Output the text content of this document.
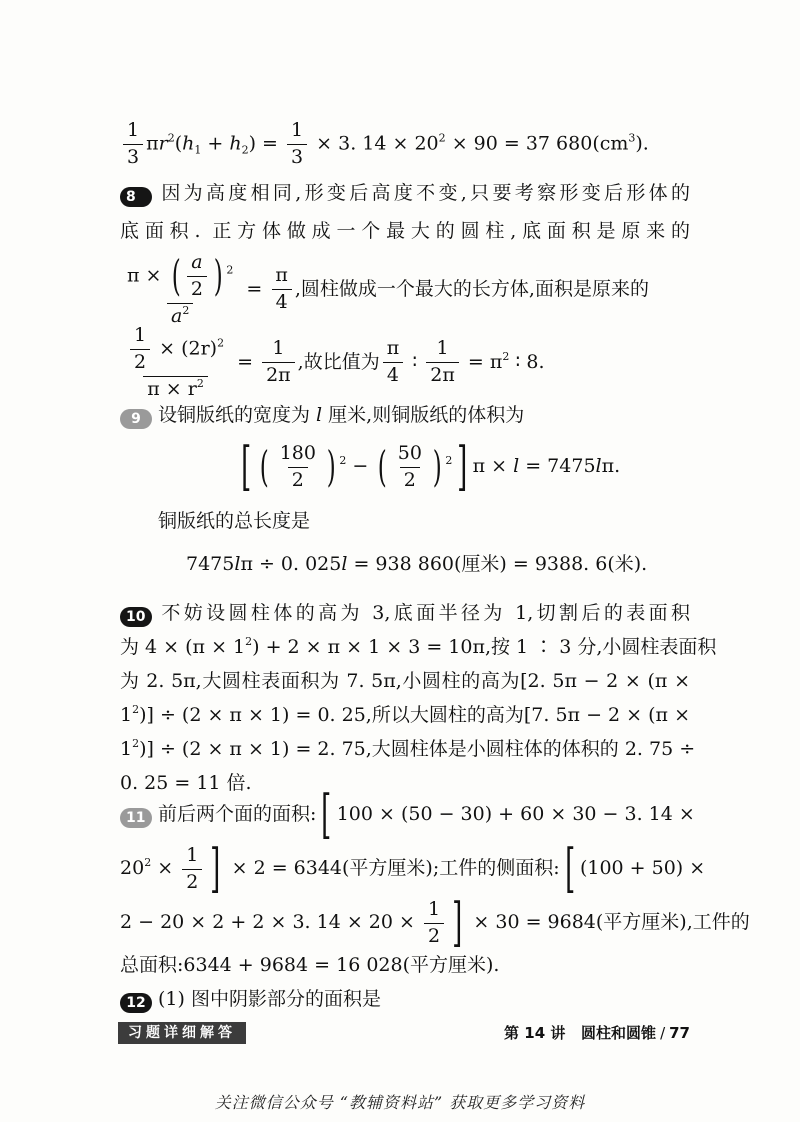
$\frac{1}{3} \pi r^2(h_1 + h_2) = \frac{1}{3} \times 3$. $14 \times 20^2 \times 90 = 37$ $680(cm^3)$.
8 因为高度相同,形变后高度不变,只要考察形变后形体的
底面积. 正方体做成一个最大的圆柱,底面积是原来的
$\frac{\pi \times ( \frac{a}{2} ) ^2}{a^2} = \frac{\pi}{4}$ ,圆柱做成一个最大的长方体,面积是原来的
$\frac{\frac{1}{2} \times (2r)^2}{\pi \times r^2} = \frac{1}{2\pi}$ ,故比值为 $\frac{\pi}{4}$ ∶ $\frac{1}{2\pi} = \pi^2$ ∶ 8.
9 设铜版纸的宽度为 l 厘米,则铜版纸的体积为
[ ( $\frac{180}{2}$ ) $^2$ − ( $\frac{50}{2}$ ) $^2$] π × l = 7475lπ.
铜版纸的总长度是
7475lπ ÷ 0. 025l = 938 860(厘米) = 9388. 6(米).
10 不妨设圆柱体的高为 3,底面半径为 1,切割后的表面积
为 $4 \times (\pi \times 1^2) + 2 \times \pi \times 1 \times 3 = 10\pi$,按 1 ∶ 3 分,小圆柱表面积
为 2. 5π,大圆柱表面积为 7. 5π,小圆柱的高为[2. 5π − 2 × (π ×
$1^2)] \div (2 \times \pi \times 1) = 0$. 25,所以大圆柱的高为[7. 5π − 2 × (π ×
$1^2)] \div (2 \times \pi \times 1) = 2$. 75,大圆柱体是小圆柱体的体积的 2. 75 ÷
0. 25 = 11 倍.
11 前后两个面的面积:[ 100 × (50 − 30) + 60 × 30 − 3. 14 ×
$20^2 \times \frac{1}{2}$ ] × 2 = 6344(平方厘米);工件的侧面积:[ (100 + 50) ×
2 − 20 × 2 + 2 × 3. $14 \times 20 \times \frac{1}{2}$ ] × 30 = 9684(平方厘米),工件的
总面积:6344 + 9684 = 16 028(平方厘米).
12 (1) 图中阴影部分的面积是
习题详细解答	第 14 讲 圆柱和圆锥 / 77
关注微信公众号 “教辅资料站” 获取更多学习资料
